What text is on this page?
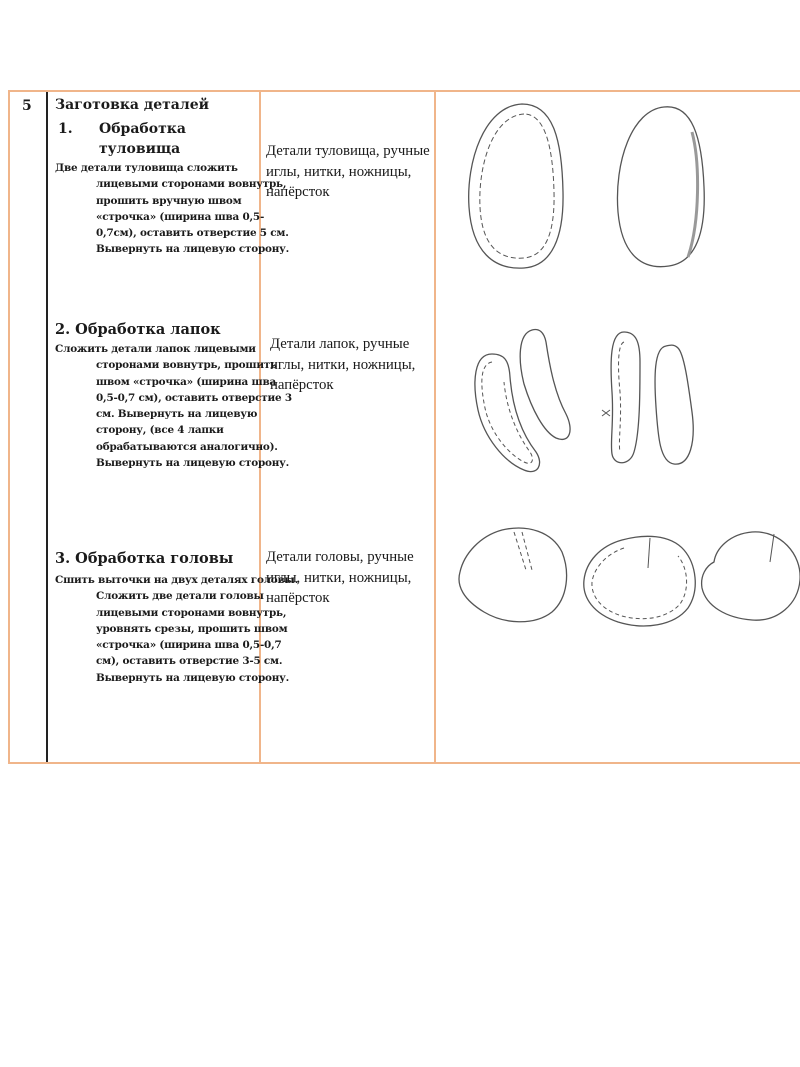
5 Заготовка деталей
1.	Обработка туловища
Две детали туловища сложить лицевыми сторонами вовнутрь, прошить вручную швом «строчка» (ширина шва 0,5-0,7см), оставить отверстие 5 см. Вывернуть на лицевую сторону.
2. Обработка лапок
Сложить детали лапок лицевыми сторонами вовнутрь, прошить швом «строчка» (ширина шва 0,5-0,7 см), оставить отверстие 3 см. Вывернуть на лицевую сторону, (все 4 лапки обрабатываются аналогично). Вывернуть на лицевую сторону.
3. Обработка головы
Сшить выточки на двух деталях головы. Сложить две детали головы лицевыми сторонами вовнутрь, уровнять срезы, прошить швом «строчка» (ширина шва 0,5-0,7 см), оставить отверстие 3-5 см. Вывернуть на лицевую сторону.
Детали туловища, ручные иглы, нитки, ножницы, напёрсток
Детали лапок, ручные иглы, нитки, ножницы, напёрсток
Детали головы, ручные иглы, нитки, ножницы, напёрсток
